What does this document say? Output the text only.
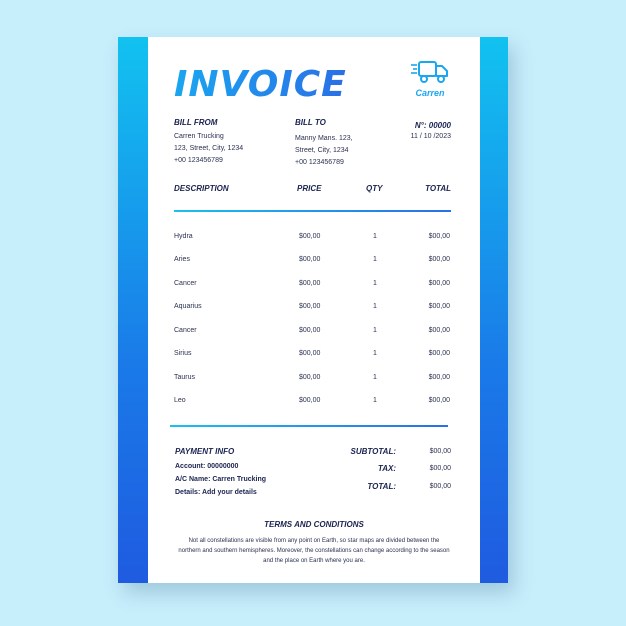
INVOICE	Carren
BILL FROM
Carren Trucking
123, Street, City, 1234
+00 123456789
BILL TO
Manny Mans. 123,
Street, City, 1234
+00 123456789
N°: 00000
11 / 10 /2023
DESCRIPTION	PRICE	QTY	TOTAL
Hydra	$00,00	1	$00,00
Aries	$00,00	1	$00,00
Cancer	$00,00	1	$00,00
Aquarius	$00,00	1	$00,00
Cancer	$00,00	1	$00,00
Sirius	$00,00	1	$00,00
Taurus	$00,00	1	$00,00
Leo	$00,00	1	$00,00
PAYMENT INFO
Account: 00000000
A/C Name: Carren Trucking
Details: Add your details
SUBTOTAL:	$00,00
TAX:	$00,00
TOTAL:	$00,00
TERMS AND CONDITIONS
Not all constellations are visible from any point on Earth, so star maps are divided between the northern and southern hemispheres. Moreover, the constellations can change according to the season and the place on Earth where you are.
